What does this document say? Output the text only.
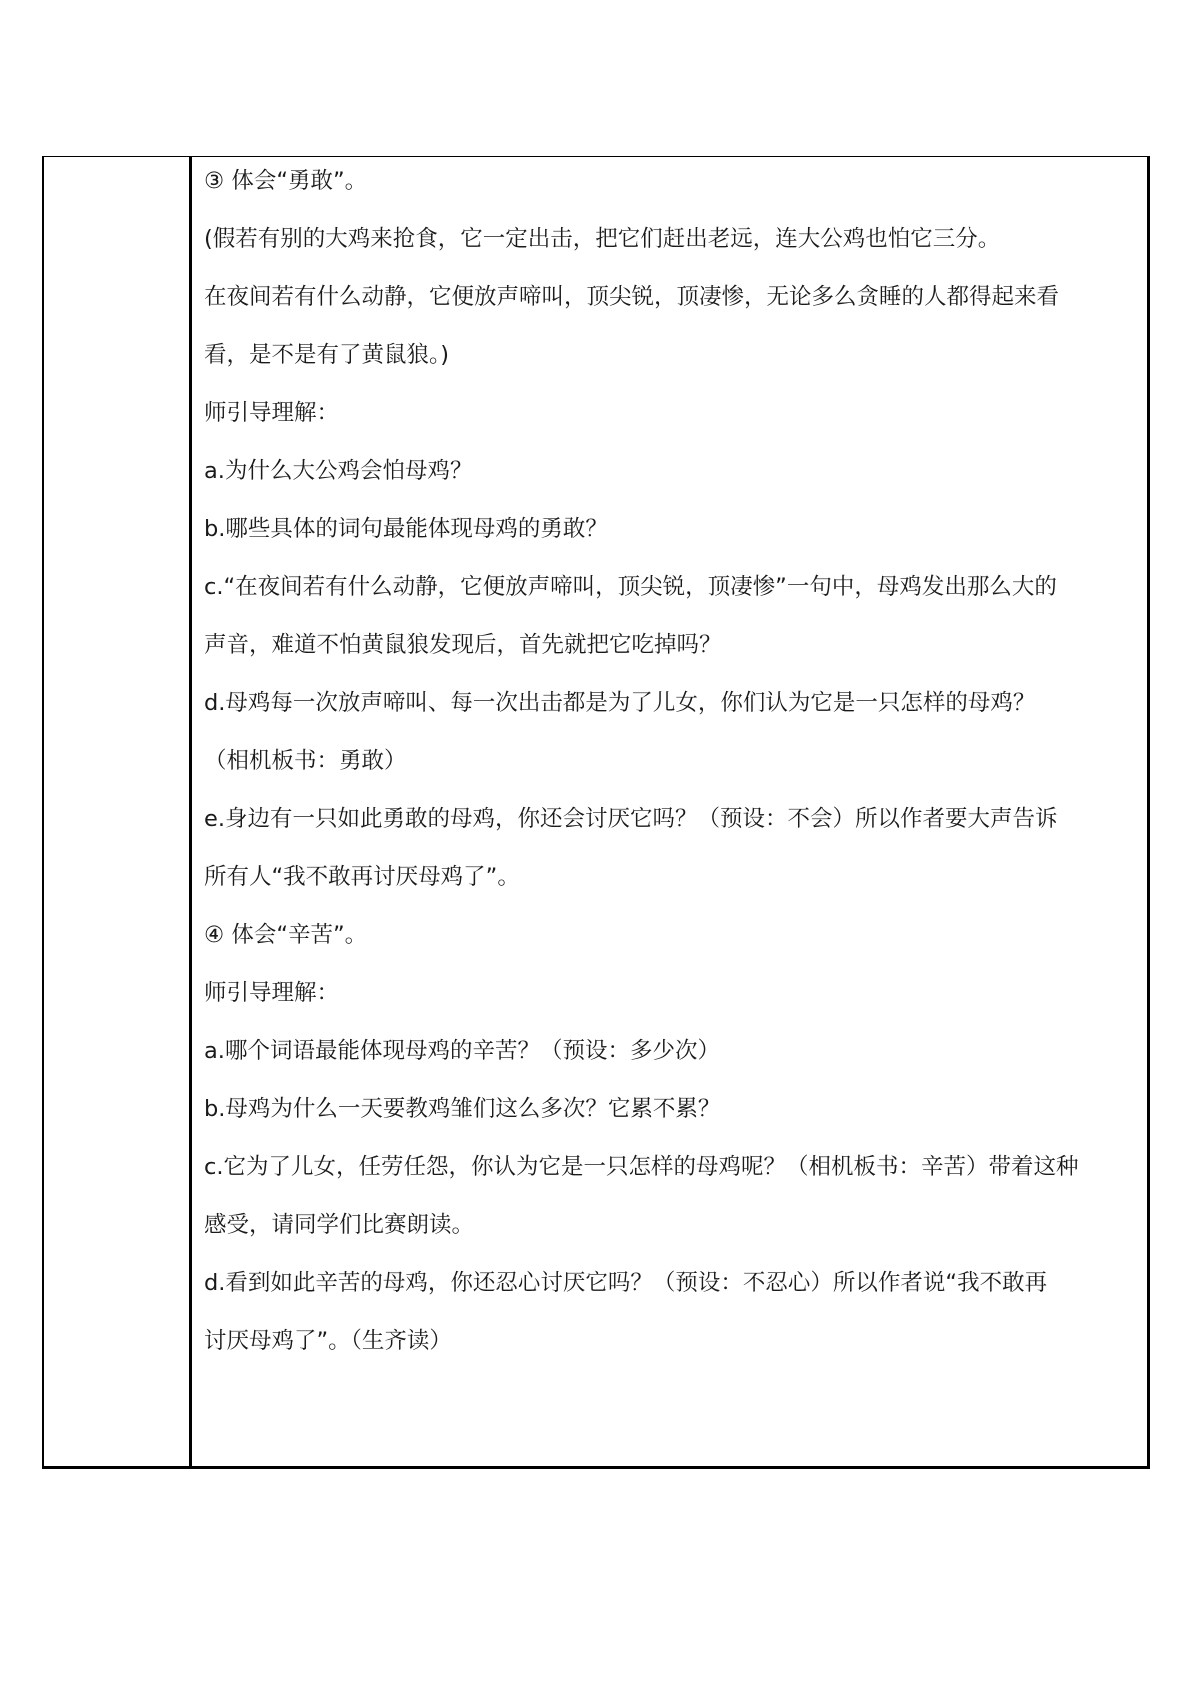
③ 体会“勇敢”。
(假若有别的大鸡来抢食，它一定出击，把它们赶出老远，连大公鸡也怕它三分。
在夜间若有什么动静，它便放声啼叫，顶尖锐，顶凄惨，无论多么贪睡的人都得起来看
看，是不是有了黄鼠狼。)
师引导理解：
a.为什么大公鸡会怕母鸡？
b.哪些具体的词句最能体现母鸡的勇敢？
c.“在夜间若有什么动静，它便放声啼叫，顶尖锐，顶凄惨”一句中，母鸡发出那么大的
声音，难道不怕黄鼠狼发现后，首先就把它吃掉吗？
d.母鸡每一次放声啼叫、每一次出击都是为了儿女，你们认为它是一只怎样的母鸡？
（相机板书：勇敢）
e.身边有一只如此勇敢的母鸡，你还会讨厌它吗？（预设：不会）所以作者要大声告诉
所有人“我不敢再讨厌母鸡了”。
④ 体会“辛苦”。
师引导理解：
a.哪个词语最能体现母鸡的辛苦？（预设：多少次）
b.母鸡为什么一天要教鸡雏们这么多次？它累不累？
c.它为了儿女，任劳任怨，你认为它是一只怎样的母鸡呢？（相机板书：辛苦）带着这种
感受，请同学们比赛朗读。
d.看到如此辛苦的母鸡，你还忍心讨厌它吗？（预设：不忍心）所以作者说“我不敢再
讨厌母鸡了”。（生齐读）
